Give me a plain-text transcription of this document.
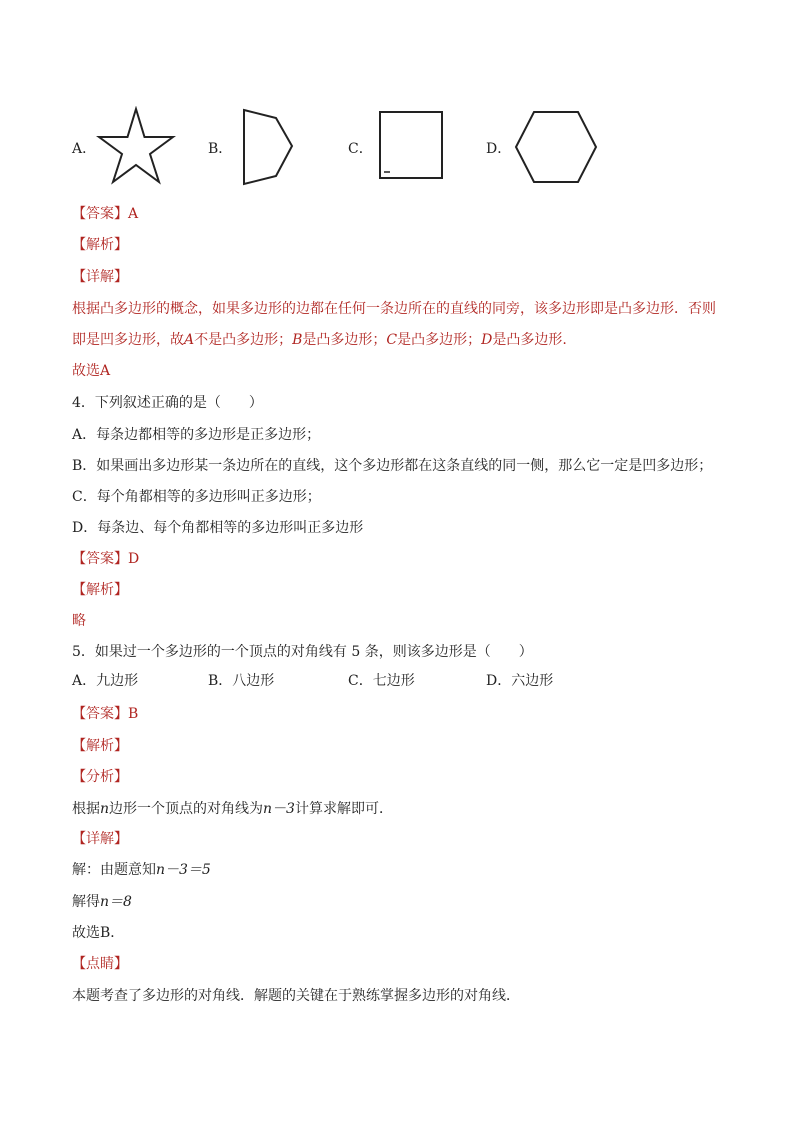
A．	B．	C．	D．
【答案】A
【解析】
【详解】
根据凸多边形的概念，如果多边形的边都在任何一条边所在的直线的同旁，该多边形即是凸多边形．否则
即是凹多边形，故A不是凸多边形；B是凸多边形；C是凸多边形；D是凸多边形.
故选A
4．下列叙述正确的是（　　）
A．每条边都相等的多边形是正多边形；
B．如果画出多边形某一条边所在的直线，这个多边形都在这条直线的同一侧，那么它一定是凹多边形；
C．每个角都相等的多边形叫正多边形；
D．每条边、每个角都相等的多边形叫正多边形
【答案】D
【解析】
略
5．如果过一个多边形的一个顶点的对角线有 5 条，则该多边形是（　　）
A．九边形	B．八边形	C．七边形	D．六边形
【答案】B
【解析】
【分析】
根据n边形一个顶点的对角线为n－3计算求解即可．
【详解】
解：由题意知n－3＝5
解得n＝8
故选B．
【点睛】
本题考查了多边形的对角线．解题的关键在于熟练掌握多边形的对角线．
